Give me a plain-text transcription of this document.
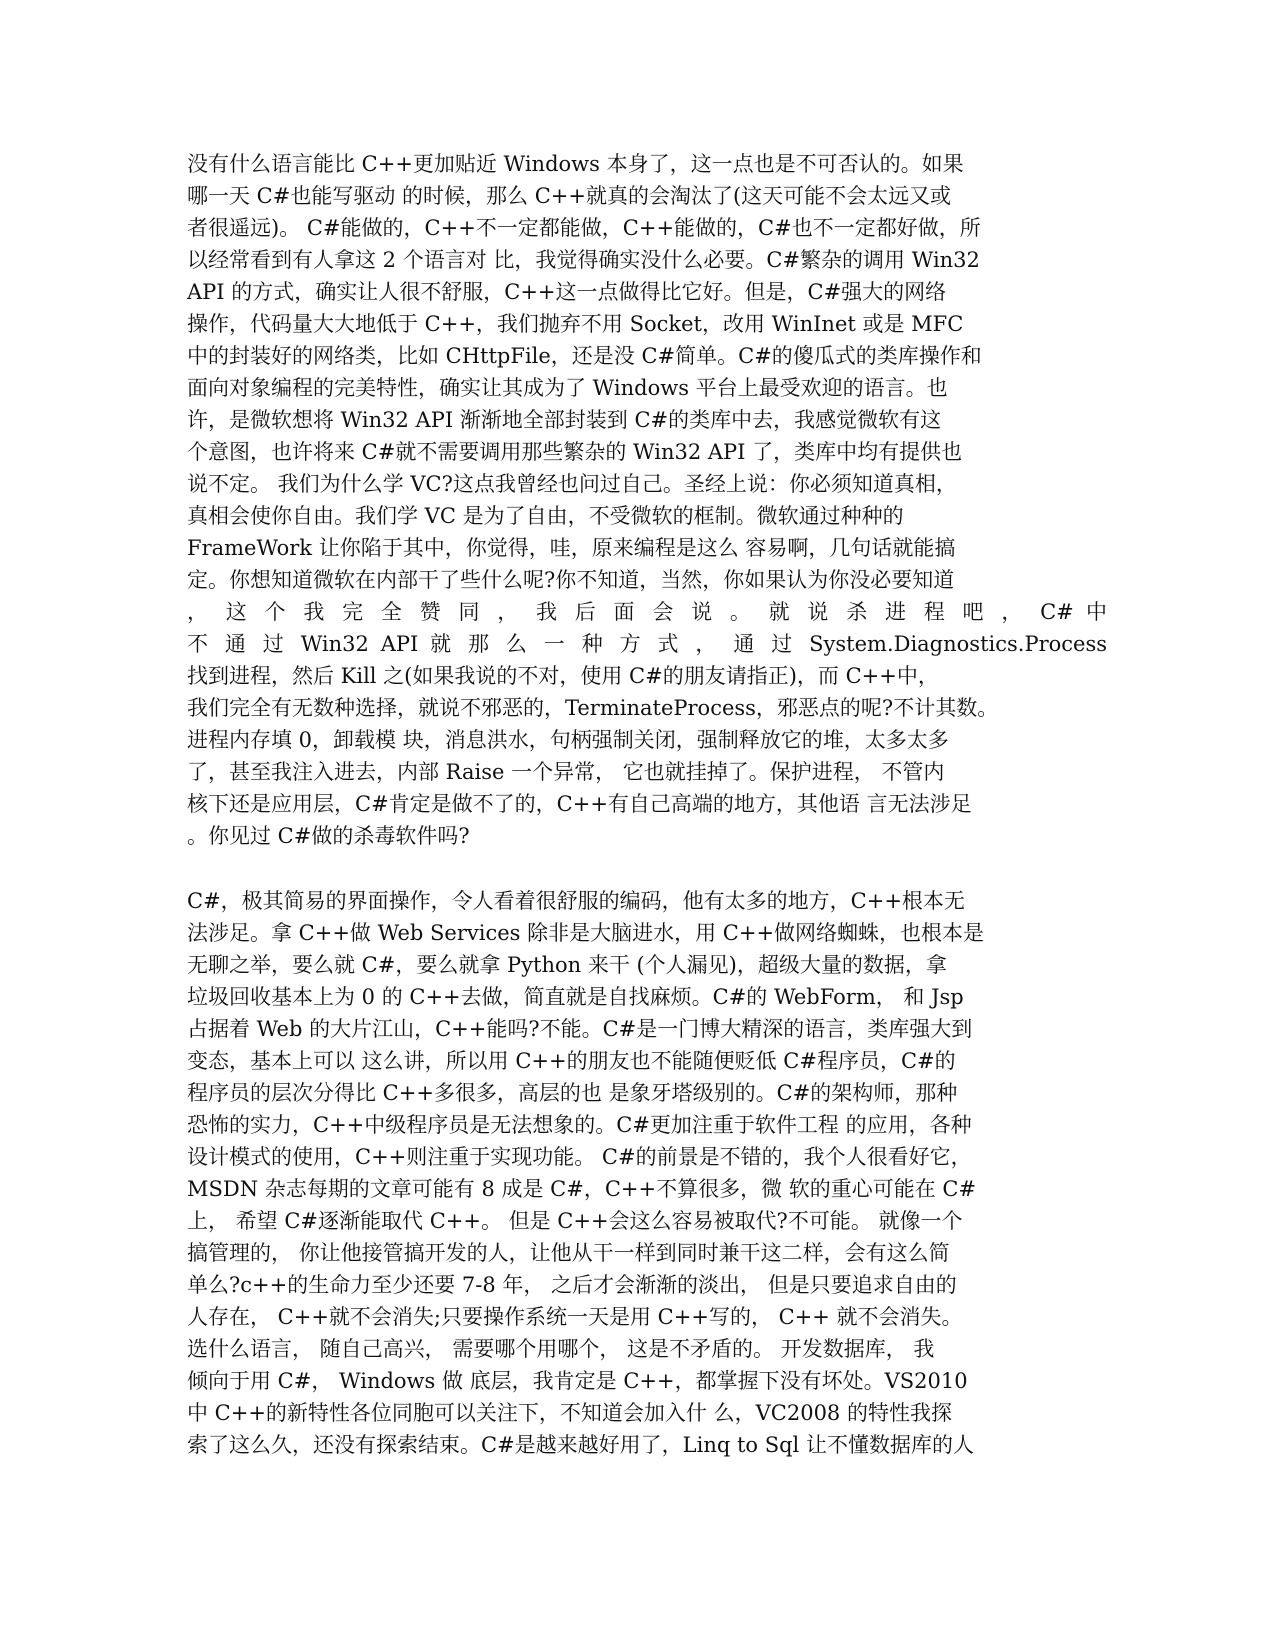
没有什么语言能比 C++更加贴近 Windows 本身了，这一点也是不可否认的。如果
哪一天 C#也能写驱动 的时候，那么 C++就真的会淘汰了(这天可能不会太远又或
者很遥远)。 C#能做的，C++不一定都能做，C++能做的，C#也不一定都好做，所
以经常看到有人拿这 2 个语言对 比，我觉得确实没什么必要。C#繁杂的调用 Win32
API 的方式，确实让人很不舒服，C++这一点做得比它好。但是，C#强大的网络
操作，代码量大大地低于 C++，我们抛弃不用 Socket，改用 WinInet 或是 MFC
中的封装好的网络类，比如 CHttpFile，还是没 C#简单。C#的傻瓜式的类库操作和
面向对象编程的完美特性，确实让其成为了 Windows 平台上最受欢迎的语言。也
许，是微软想将 Win32 API 渐渐地全部封装到 C#的类库中去，我感觉微软有这
个意图，也许将来 C#就不需要调用那些繁杂的 Win32 API 了，类库中均有提供也
说不定。 我们为什么学 VC?这点我曾经也问过自己。圣经上说：你必须知道真相，
真相会使你自由。我们学 VC 是为了自由，不受微软的框制。微软通过种种的
FrameWork 让你陷于其中，你觉得，哇，原来编程是这么 容易啊，几句话就能搞
定。你想知道微软在内部干了些什么呢?你不知道，当然，你如果认为你没必要知道
， 这 个 我 完 全 赞 同 ， 我 后 面 会 说 。 就 说 杀 进 程 吧 ， C# 中
不 通 过 Win32 API 就 那 么 一 种 方 式 ， 通 过 System.Diagnostics.Process
找到进程，然后 Kill 之(如果我说的不对，使用 C#的朋友请指正)，而 C++中，
我们完全有无数种选择，就说不邪恶的，TerminateProcess，邪恶点的呢?不计其数。
进程内存填 0，卸载模 块，消息洪水，句柄强制关闭，强制释放它的堆，太多太多
了，甚至我注入进去，内部 Raise 一个异常， 它也就挂掉了。保护进程， 不管内
核下还是应用层，C#肯定是做不了的，C++有自己高端的地方，其他语 言无法涉足
。你见过 C#做的杀毒软件吗?
C#，极其简易的界面操作，令人看着很舒服的编码，他有太多的地方，C++根本无
法涉足。拿 C++做 Web Services 除非是大脑进水，用 C++做网络蜘蛛，也根本是
无聊之举，要么就 C#，要么就拿 Python 来干 (个人漏见)，超级大量的数据，拿
垃圾回收基本上为 0 的 C++去做，简直就是自找麻烦。C#的 WebForm， 和 Jsp
占据着 Web 的大片江山，C++能吗?不能。C#是一门博大精深的语言，类库强大到
变态，基本上可以 这么讲，所以用 C++的朋友也不能随便贬低 C#程序员，C#的
程序员的层次分得比 C++多很多，高层的也 是象牙塔级别的。C#的架构师，那种
恐怖的实力，C++中级程序员是无法想象的。C#更加注重于软件工程 的应用，各种
设计模式的使用，C++则注重于实现功能。 C#的前景是不错的，我个人很看好它，
MSDN 杂志每期的文章可能有 8 成是 C#，C++不算很多，微 软的重心可能在 C#
上， 希望 C#逐渐能取代 C++。 但是 C++会这么容易被取代?不可能。 就像一个
搞管理的， 你让他接管搞开发的人，让他从干一样到同时兼干这二样，会有这么简
单么?c++的生命力至少还要 7-8 年， 之后才会渐渐的淡出， 但是只要追求自由的
人存在， C++就不会消失;只要操作系统一天是用 C++写的， C++ 就不会消失。
选什么语言， 随自己高兴， 需要哪个用哪个， 这是不矛盾的。 开发数据库， 我
倾向于用 C#， Windows 做 底层，我肯定是 C++，都掌握下没有坏处。VS2010
中 C++的新特性各位同胞可以关注下，不知道会加入什 么，VC2008 的特性我探
索了这么久，还没有探索结束。C#是越来越好用了，Linq to Sql 让不懂数据库的人
